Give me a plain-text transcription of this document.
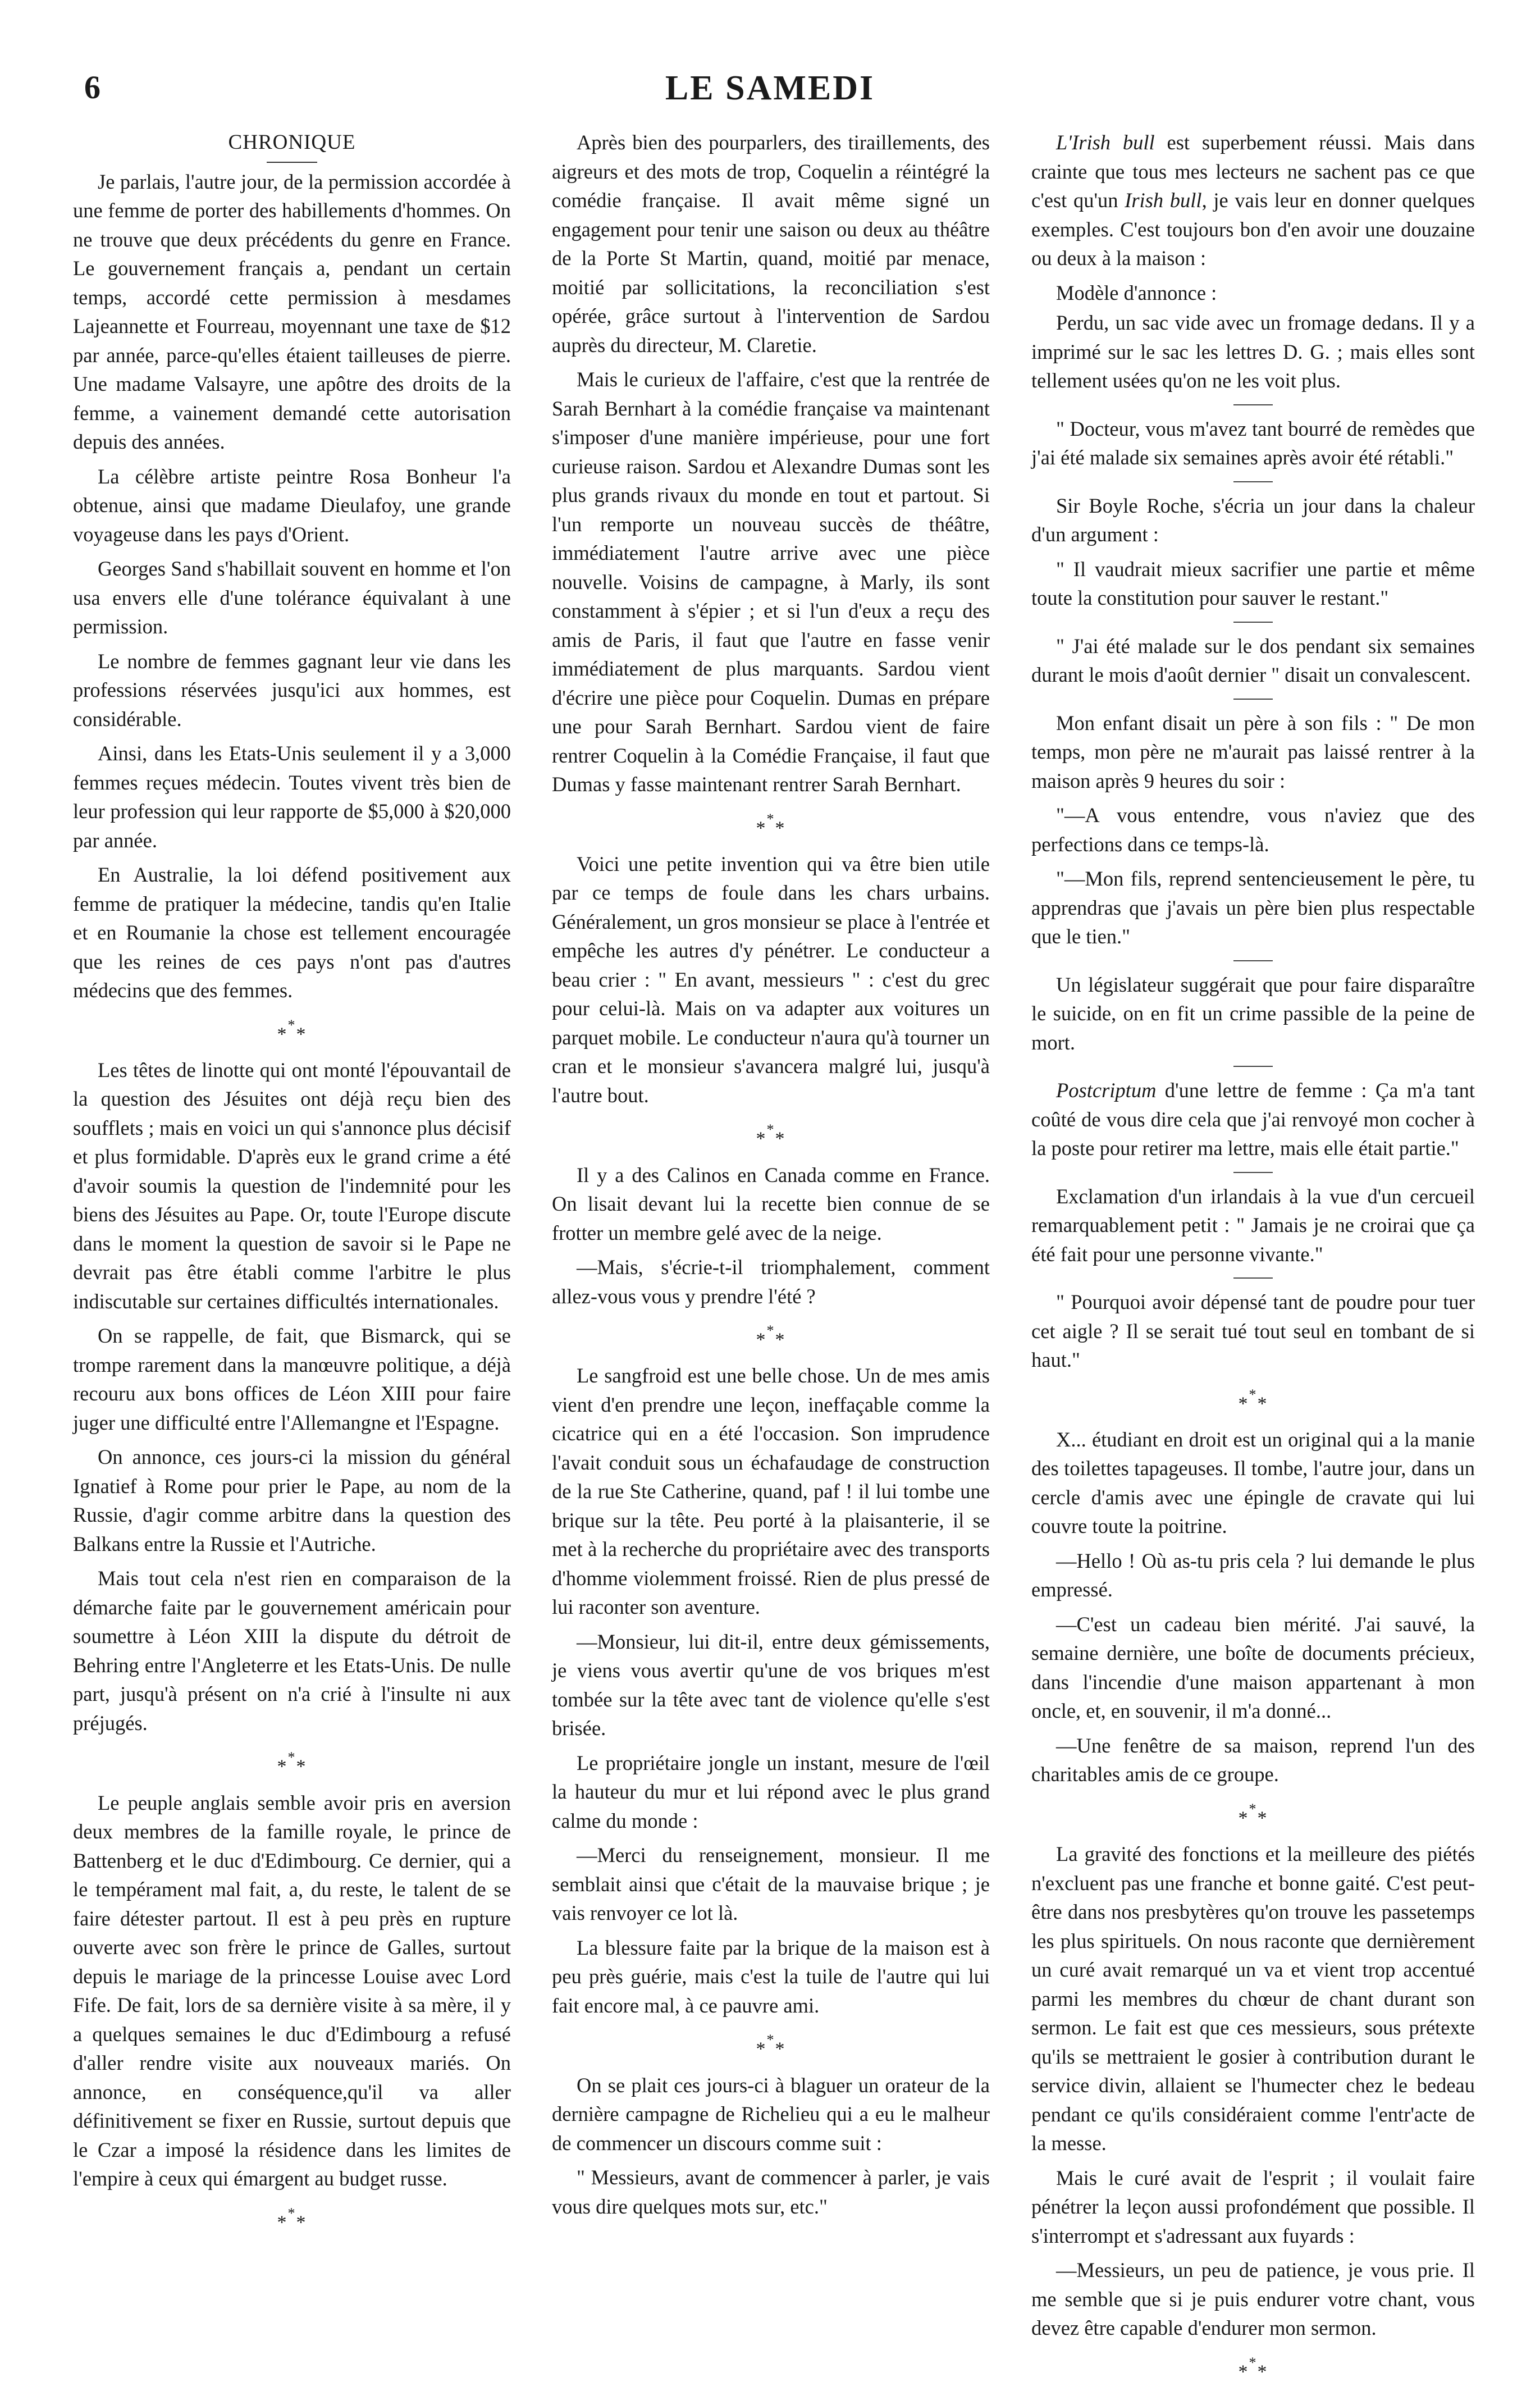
6	LE SAMEDI
CHRONIQUE

Je parlais, l'autre jour, de la permission accordée à une femme de porter des habillements d'hommes. On ne trouve que deux précédents du genre en France. Le gouvernement français a, pendant un certain temps, accordé cette permission à mesdames Lajeannette et Fourreau, moyennant une taxe de $12 par année, parce-qu'elles étaient tailleuses de pierre. Une madame Valsayre, une apôtre des droits de la femme, a vainement demandé cette autorisation depuis des années.

La célèbre artiste peintre Rosa Bonheur l'a obtenue, ainsi que madame Dieulafoy, une grande voyageuse dans les pays d'Orient.

Georges Sand s'habillait souvent en homme et l'on usa envers elle d'une tolérance équivalant à une permission.

Le nombre de femmes gagnant leur vie dans les professions réservées jusqu'ici aux hommes, est considérable.

Ainsi, dans les Etats-Unis seulement il y a 3,000 femmes reçues médecin. Toutes vivent très bien de leur profession qui leur rapporte de $5,000 à $20,000 par année.

En Australie, la loi défend positivement aux femme de pratiquer la médecine, tandis qu'en Italie et en Roumanie la chose est tellement encouragée que les reines de ces pays n'ont pas d'autres médecins que des femmes.

***

Les têtes de linotte qui ont monté l'épouvantail de la question des Jésuites ont déjà reçu bien des soufflets ; mais en voici un qui s'annonce plus décisif et plus formidable. D'après eux le grand crime a été d'avoir soumis la question de l'indemnité pour les biens des Jésuites au Pape. Or, toute l'Europe discute dans le moment la question de savoir si le Pape ne devrait pas être établi comme l'arbitre le plus indiscutable sur certaines difficultés internationales.

On se rappelle, de fait, que Bismarck, qui se trompe rarement dans la manœuvre politique, a déjà recouru aux bons offices de Léon XIII pour faire juger une difficulté entre l'Allemangne et l'Espagne.

On annonce, ces jours-ci la mission du général Ignatief à Rome pour prier le Pape, au nom de la Russie, d'agir comme arbitre dans la question des Balkans entre la Russie et l'Autriche.

Mais tout cela n'est rien en comparaison de la démarche faite par le gouvernement américain pour soumettre à Léon XIII la dispute du détroit de Behring entre l'Angleterre et les Etats-Unis. De nulle part, jusqu'à présent on n'a crié à l'insulte ni aux préjugés.

***

Le peuple anglais semble avoir pris en aversion deux membres de la famille royale, le prince de Battenberg et le duc d'Edimbourg. Ce dernier, qui a le tempérament mal fait, a, du reste, le talent de se faire détester partout. Il est à peu près en rupture ouverte avec son frère le prince de Galles, surtout depuis le mariage de la princesse Louise avec Lord Fife. De fait, lors de sa dernière visite à sa mère, il y a quelques semaines le duc d'Edimbourg a refusé d'aller rendre visite aux nouveaux mariés. On annonce, en conséquence,qu'il va aller définitivement se fixer en Russie, surtout depuis que le Czar a imposé la résidence dans les limites de l'empire à ceux qui émargent au budget russe.

***

Après bien des pourparlers, des tiraillements, des aigreurs et des mots de trop, Coquelin a réintégré la comédie française. Il avait même signé un engagement pour tenir une saison ou deux au théâtre de la Porte St Martin, quand, moitié par menace, moitié par sollicitations, la reconciliation s'est opérée, grâce surtout à l'intervention de Sardou auprès du directeur, M. Claretie.

Mais le curieux de l'affaire, c'est que la rentrée de Sarah Bernhart à la comédie française va maintenant s'imposer d'une manière impérieuse, pour une fort curieuse raison. Sardou et Alexandre Dumas sont les plus grands rivaux du monde en tout et partout. Si l'un remporte un nouveau succès de théâtre, immédiatement l'autre arrive avec une pièce nouvelle. Voisins de campagne, à Marly, ils sont constamment à s'épier ; et si l'un d'eux a reçu des amis de Paris, il faut que l'autre en fasse venir immédiatement de plus marquants. Sardou vient d'écrire une pièce pour Coquelin. Dumas en prépare une pour Sarah Bernhart. Sardou vient de faire rentrer Coquelin à la Comédie Française, il faut que Dumas y fasse maintenant rentrer Sarah Bernhart.

***

Voici une petite invention qui va être bien utile par ce temps de foule dans les chars urbains. Généralement, un gros monsieur se place à l'entrée et empêche les autres d'y pénétrer. Le conducteur a beau crier : " En avant, messieurs " : c'est du grec pour celui-là. Mais on va adapter aux voitures un parquet mobile. Le conducteur n'aura qu'à tourner un cran et le monsieur s'avancera malgré lui, jusqu'à l'autre bout.

***

Il y a des Calinos en Canada comme en France. On lisait devant lui la recette bien connue de se frotter un membre gelé avec de la neige.

—Mais, s'écrie-t-il triomphalement, comment allez-vous vous y prendre l'été ?

***

Le sangfroid est une belle chose. Un de mes amis vient d'en prendre une leçon, ineffaçable comme la cicatrice qui en a été l'occasion. Son imprudence l'avait conduit sous un échafaudage de construction de la rue Ste Catherine, quand, paf ! il lui tombe une brique sur la tête. Peu porté à la plaisanterie, il se met à la recherche du propriétaire avec des transports d'homme violemment froissé. Rien de plus pressé de lui raconter son aventure.

—Monsieur, lui dit-il, entre deux gémissements, je viens vous avertir qu'une de vos briques m'est tombée sur la tête avec tant de violence qu'elle s'est brisée.

Le propriétaire jongle un instant, mesure de l'œil la hauteur du mur et lui répond avec le plus grand calme du monde :

—Merci du renseignement, monsieur. Il me semblait ainsi que c'était de la mauvaise brique ; je vais renvoyer ce lot là.

La blessure faite par la brique de la maison est à peu près guérie, mais c'est la tuile de l'autre qui lui fait encore mal, à ce pauvre ami.

***

On se plait ces jours-ci à blaguer un orateur de la dernière campagne de Richelieu qui a eu le malheur de commencer un discours comme suit :

" Messieurs, avant de commencer à parler, je vais vous dire quelques mots sur, etc."

L'Irish bull est superbement réussi. Mais dans crainte que tous mes lecteurs ne sachent pas ce que c'est qu'un Irish bull, je vais leur en donner quelques exemples. C'est toujours bon d'en avoir une douzaine ou deux à la maison :

Modèle d'annonce :

Perdu, un sac vide avec un fromage dedans. Il y a imprimé sur le sac les lettres D. G. ; mais elles sont tellement usées qu'on ne les voit plus.

" Docteur, vous m'avez tant bourré de remèdes que j'ai été malade six semaines après avoir été rétabli."

Sir Boyle Roche, s'écria un jour dans la chaleur d'un argument :

" Il vaudrait mieux sacrifier une partie et même toute la constitution pour sauver le restant."

" J'ai été malade sur le dos pendant six semaines durant le mois d'août dernier " disait un convalescent.

Mon enfant disait un père à son fils : " De mon temps, mon père ne m'aurait pas laissé rentrer à la maison après 9 heures du soir :

"—A vous entendre, vous n'aviez que des perfections dans ce temps-là.

"—Mon fils, reprend sentencieusement le père, tu apprendras que j'avais un père bien plus respectable que le tien."

Un législateur suggérait que pour faire disparaître le suicide, on en fit un crime passible de la peine de mort.

Postcriptum d'une lettre de femme : Ça m'a tant coûté de vous dire cela que j'ai renvoyé mon cocher à la poste pour retirer ma lettre, mais elle était partie."

Exclamation d'un irlandais à la vue d'un cercueil remarquablement petit : " Jamais je ne croirai que ça été fait pour une personne vivante."

" Pourquoi avoir dépensé tant de poudre pour tuer cet aigle ? Il se serait tué tout seul en tombant de si haut."

***

X... étudiant en droit est un original qui a la manie des toilettes tapageuses. Il tombe, l'autre jour, dans un cercle d'amis avec une épingle de cravate qui lui couvre toute la poitrine.

—Hello ! Où as-tu pris cela ? lui demande le plus empressé.

—C'est un cadeau bien mérité. J'ai sauvé, la semaine dernière, une boîte de documents précieux, dans l'incendie d'une maison appartenant à mon oncle, et, en souvenir, il m'a donné...

—Une fenêtre de sa maison, reprend l'un des charitables amis de ce groupe.

***

La gravité des fonctions et la meilleure des piétés n'excluent pas une franche et bonne gaité. C'est peut-être dans nos presbytères qu'on trouve les passetemps les plus spirituels. On nous raconte que dernièrement un curé avait remarqué un va et vient trop accentué parmi les membres du chœur de chant durant son sermon. Le fait est que ces messieurs, sous prétexte qu'ils se mettraient le gosier à contribution durant le service divin, allaient se l'humecter chez le bedeau pendant ce qu'ils considéraient comme l'entr'acte de la messe.

Mais le curé avait de l'esprit ; il voulait faire pénétrer la leçon aussi profondément que possible. Il s'interrompt et s'adressant aux fuyards :

—Messieurs, un peu de patience, je vous prie. Il me semble que si je puis endurer votre chant, vous devez être capable d'endurer mon sermon.

***
